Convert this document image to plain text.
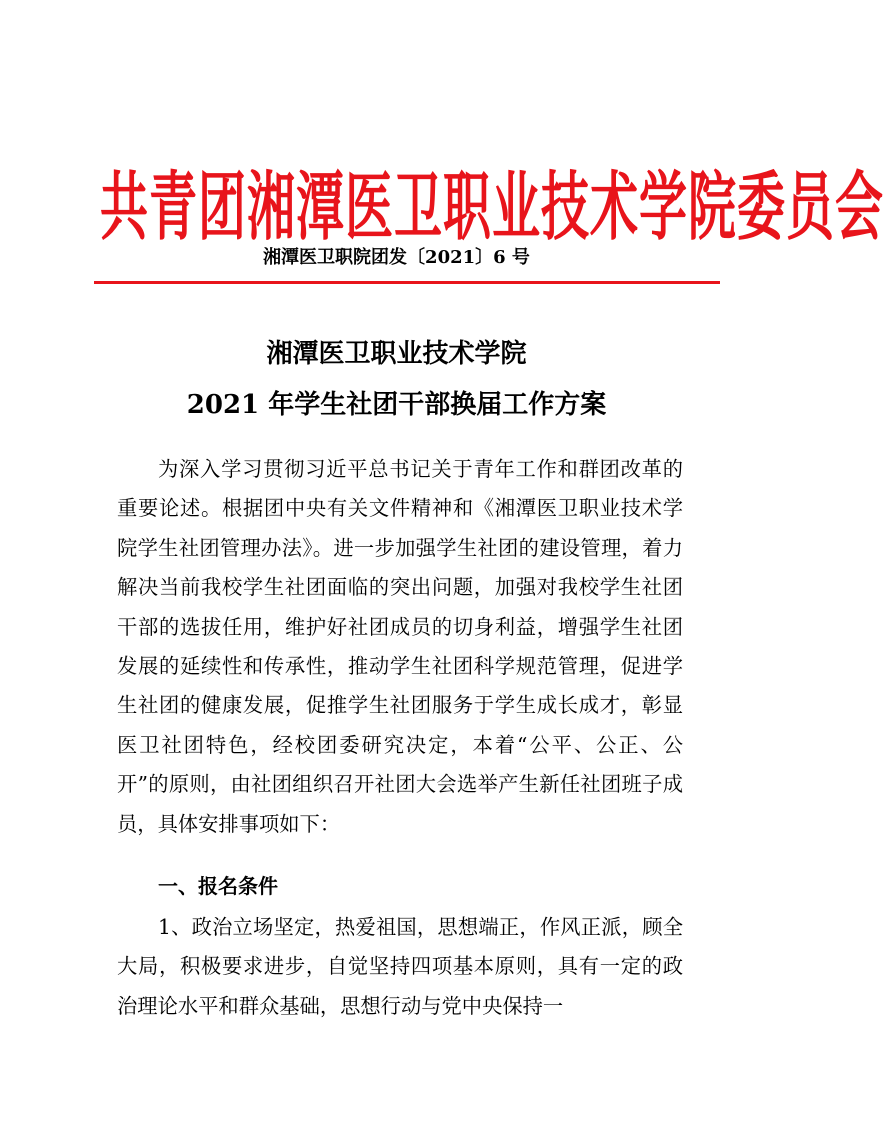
共青团湘潭医卫职业技术学院委员会
湘潭医卫职院团发〔2021〕6 号
湘潭医卫职业技术学院
2021 年学生社团干部换届工作方案
为深入学习贯彻习近平总书记关于青年工作和群团改革的重要论述。根据团中央有关文件精神和《湘潭医卫职业技术学院学生社团管理办法》。进一步加强学生社团的建设管理，着力解决当前我校学生社团面临的突出问题，加强对我校学生社团干部的选拔任用，维护好社团成员的切身利益，增强学生社团发展的延续性和传承性，推动学生社团科学规范管理，促进学生社团的健康发展，促推学生社团服务于学生成长成才，彰显医卫社团特色，经校团委研究决定，本着“公平、公正、公开”的原则，由社团组织召开社团大会选举产生新任社团班子成员，具体安排事项如下：
一、报名条件
1、政治立场坚定，热爱祖国，思想端正，作风正派，顾全大局，积极要求进步，自觉坚持四项基本原则，具有一定的政治理论水平和群众基础，思想行动与党中央保持一
